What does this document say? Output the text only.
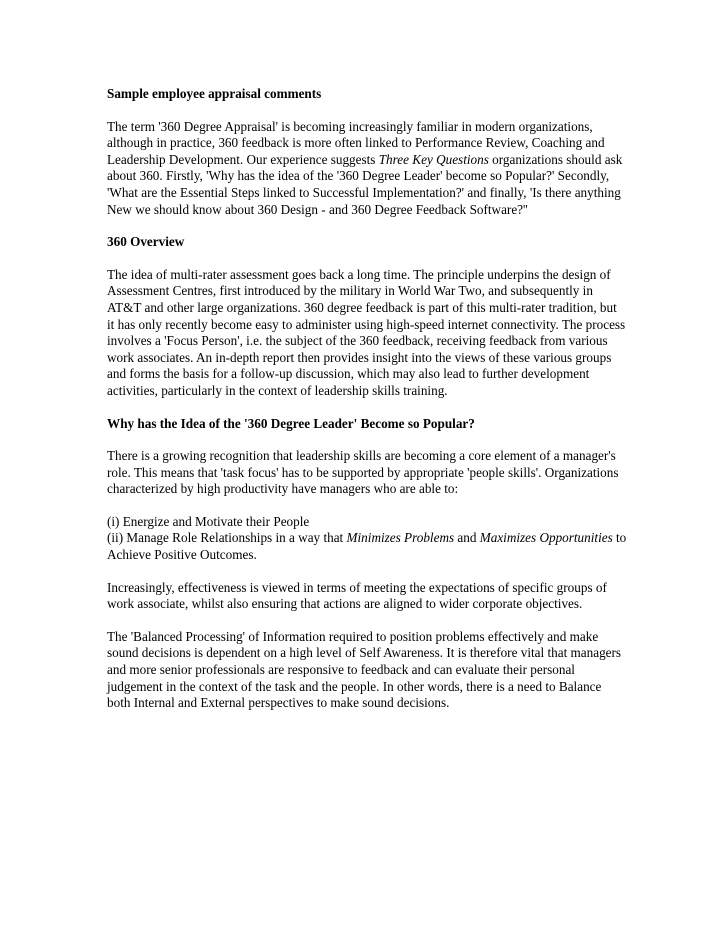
Sample employee appraisal comments

The term '360 Degree Appraisal' is becoming increasingly familiar in modern organizations, although in practice, 360 feedback is more often linked to Performance Review, Coaching and Leadership Development. Our experience suggests Three Key Questions organizations should ask about 360. Firstly, 'Why has the idea of the '360 Degree Leader' become so Popular?' Secondly, 'What are the Essential Steps linked to Successful Implementation?' and finally, 'Is there anything New we should know about 360 Design - and 360 Degree Feedback Software?''

360 Overview

The idea of multi-rater assessment goes back a long time. The principle underpins the design of Assessment Centres, first introduced by the military in World War Two, and subsequently in AT&T and other large organizations. 360 degree feedback is part of this multi-rater tradition, but it has only recently become easy to administer using high-speed internet connectivity. The process involves a 'Focus Person', i.e. the subject of the 360 feedback, receiving feedback from various work associates. An in-depth report then provides insight into the views of these various groups and forms the basis for a follow-up discussion, which may also lead to further development activities, particularly in the context of leadership skills training.

Why has the Idea of the '360 Degree Leader' Become so Popular?

There is a growing recognition that leadership skills are becoming a core element of a manager's role. This means that 'task focus' has to be supported by appropriate 'people skills'. Organizations characterized by high productivity have managers who are able to:

(i) Energize and Motivate their People
(ii) Manage Role Relationships in a way that Minimizes Problems and Maximizes Opportunities to Achieve Positive Outcomes.

Increasingly, effectiveness is viewed in terms of meeting the expectations of specific groups of work associate, whilst also ensuring that actions are aligned to wider corporate objectives.

The 'Balanced Processing' of Information required to position problems effectively and make sound decisions is dependent on a high level of Self Awareness. It is therefore vital that managers and more senior professionals are responsive to feedback and can evaluate their personal judgement in the context of the task and the people. In other words, there is a need to Balance both Internal and External perspectives to make sound decisions.
